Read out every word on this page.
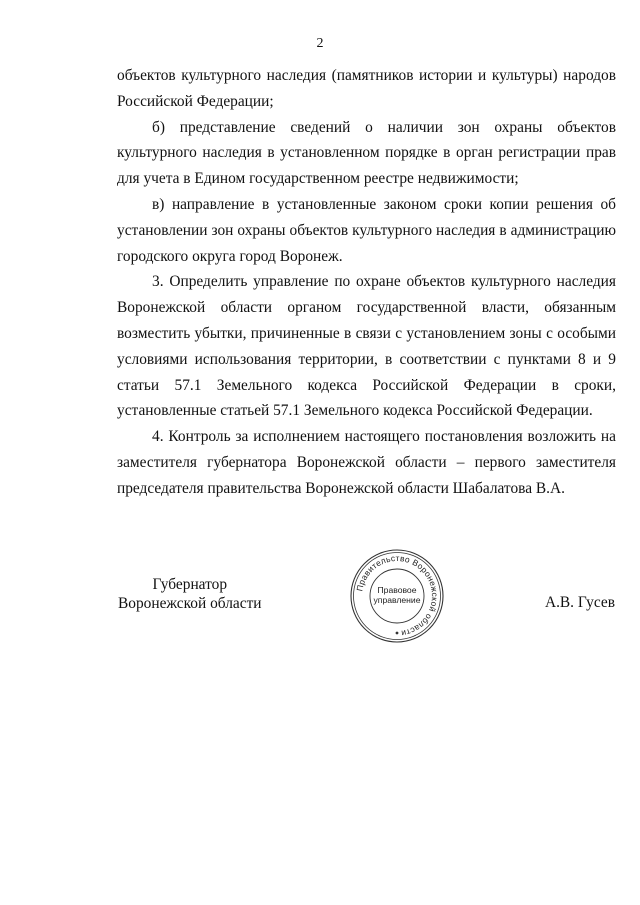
2

объектов культурного наследия (памятников истории и культуры) народов Российской Федерации;

б) представление сведений о наличии зон охраны объектов культурного наследия в установленном порядке в орган регистрации прав для учета в Едином государственном реестре недвижимости;

в) направление в установленные законом сроки копии решения об установлении зон охраны объектов культурного наследия в администрацию городского округа город Воронеж.

3. Определить управление по охране объектов культурного наследия Воронежской области органом государственной власти, обязанным возместить убытки, причиненные в связи с установлением зоны с особыми условиями использования территории, в соответствии с пунктами 8 и 9 статьи 57.1 Земельного кодекса Российской Федерации в сроки, установленные статьей 57.1 Земельного кодекса Российской Федерации.

4. Контроль за исполнением настоящего постановления возложить на заместителя губернатора Воронежской области – первого заместителя председателя правительства Воронежской области Шабалатова В.А.

Губернатор
Воронежской области
Правительство Воронежской области
Правовое
управление	А.В. Гусев
